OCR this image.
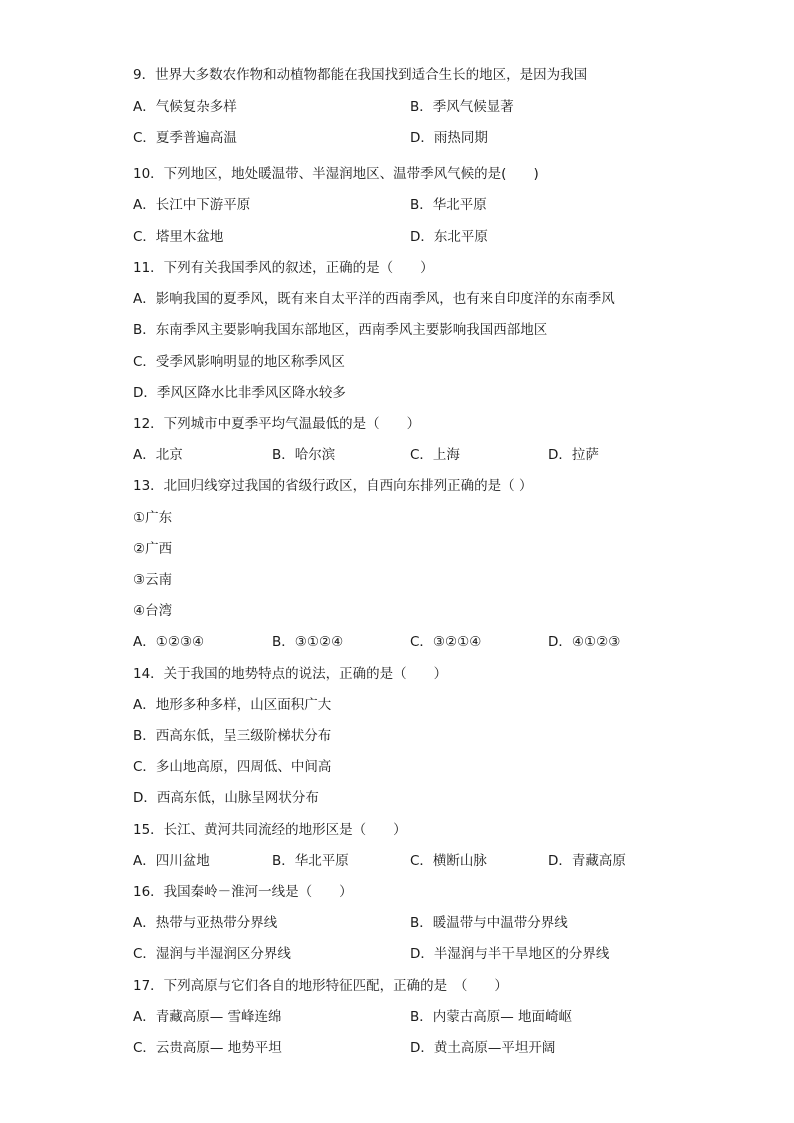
9．世界大多数农作物和动植物都能在我国找到适合生长的地区，是因为我国
A．气候复杂多样	B．季风气候显著
C．夏季普遍高温	D．雨热同期
10．下列地区，地处暖温带、半湿润地区、温带季风气候的是(　　)
A．长江中下游平原	B．华北平原
C．塔里木盆地	D．东北平原
11．下列有关我国季风的叙述，正确的是（　　）
A．影响我国的夏季风，既有来自太平洋的西南季风，也有来自印度洋的东南季风
B．东南季风主要影响我国东部地区，西南季风主要影响我国西部地区
C．受季风影响明显的地区称季风区
D．季风区降水比非季风区降水较多
12．下列城市中夏季平均气温最低的是（　　）
A．北京	B．哈尔滨	C．上海	D．拉萨
13．北回归线穿过我国的省级行政区，自西向东排列正确的是（ ）
①广东
②广西
③云南
④台湾
A．①②③④	B．③①②④	C．③②①④	D．④①②③
14．关于我国的地势特点的说法，正确的是（　　）
A．地形多种多样，山区面积广大
B．西高东低，呈三级阶梯状分布
C．多山地高原，四周低、中间高
D．西高东低，山脉呈网状分布
15．长江、黄河共同流经的地形区是（　　）
A．四川盆地	B．华北平原	C．横断山脉	D．青藏高原
16．我国秦岭－淮河一线是（　　）
A．热带与亚热带分界线	B．暖温带与中温带分界线
C．湿润与半湿润区分界线	D．半湿润与半干旱地区的分界线
17．下列高原与它们各自的地形特征匹配，正确的是　（　　）
A．青藏高原— 雪峰连绵	B．内蒙古高原— 地面崎岖
C．云贵高原— 地势平坦	D．黄土高原—平坦开阔
